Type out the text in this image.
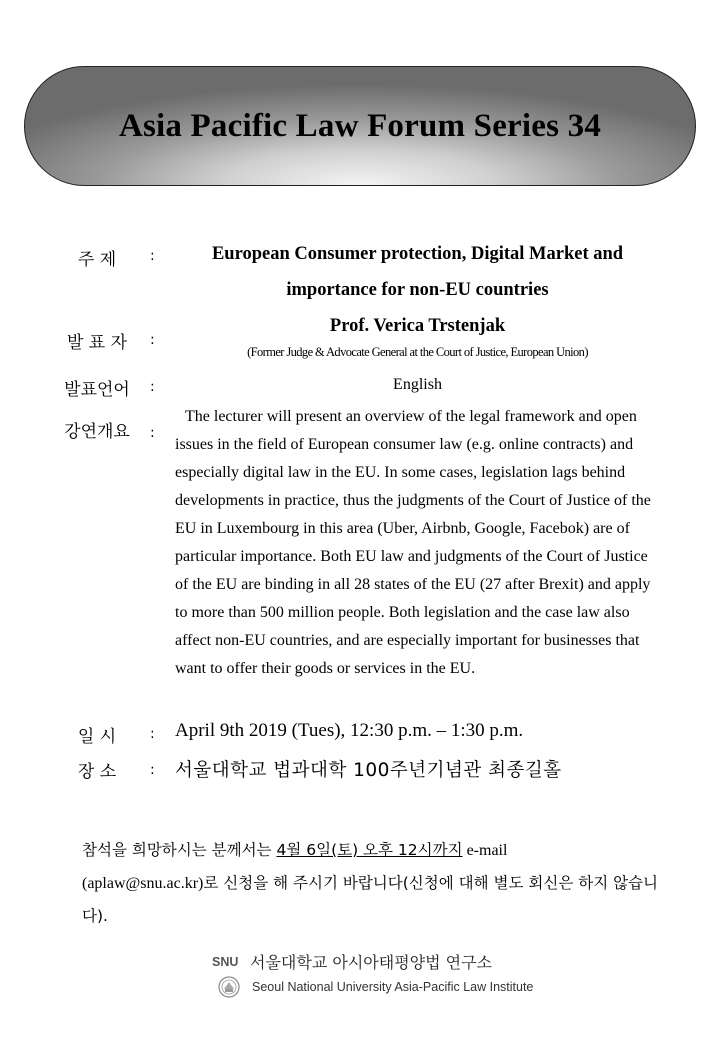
Asia Pacific Law Forum Series 34
주 제	:	European Consumer protection, Digital Market and
importance for non-EU countries
발 표 자	:
Prof. Verica Trstenjak
(Former Judge & Advocate General at the Court of Justice, European Union)
발표언어	:	English
강연개요	:

The lecturer will present an overview of the legal framework and open issues in the field of European consumer law (e.g. online contracts) and especially digital law in the EU. In some cases, legislation lags behind developments in practice, thus the judgments of the Court of Justice of the EU in Luxembourg in this area (Uber, Airbnb, Google, Facebok) are of particular importance. Both EU law and judgments of the Court of Justice of the EU are binding in all 28 states of the EU (27 after Brexit) and apply to more than 500 million people. Both legislation and the case law also affect non-EU countries, and are especially important for businesses that want to offer their goods or services in the EU.

일 시	: April 9th 2019 (Tues), 12:30 p.m. – 1:30 p.m.
장 소	: 서울대학교 법과대학 100주년기념관 최종길홀
참석을 희망하시는 분께서는 4월 6일(토) 오후 12시까지 e-mail
(aplaw@snu.ac.kr)로 신청을 해 주시기 바랍니다(신청에 대해 별도 회신은 하지 않습니다).
SNU 서울대학교 아시아태평양법 연구소
Seoul National University Asia-Pacific Law Institute
